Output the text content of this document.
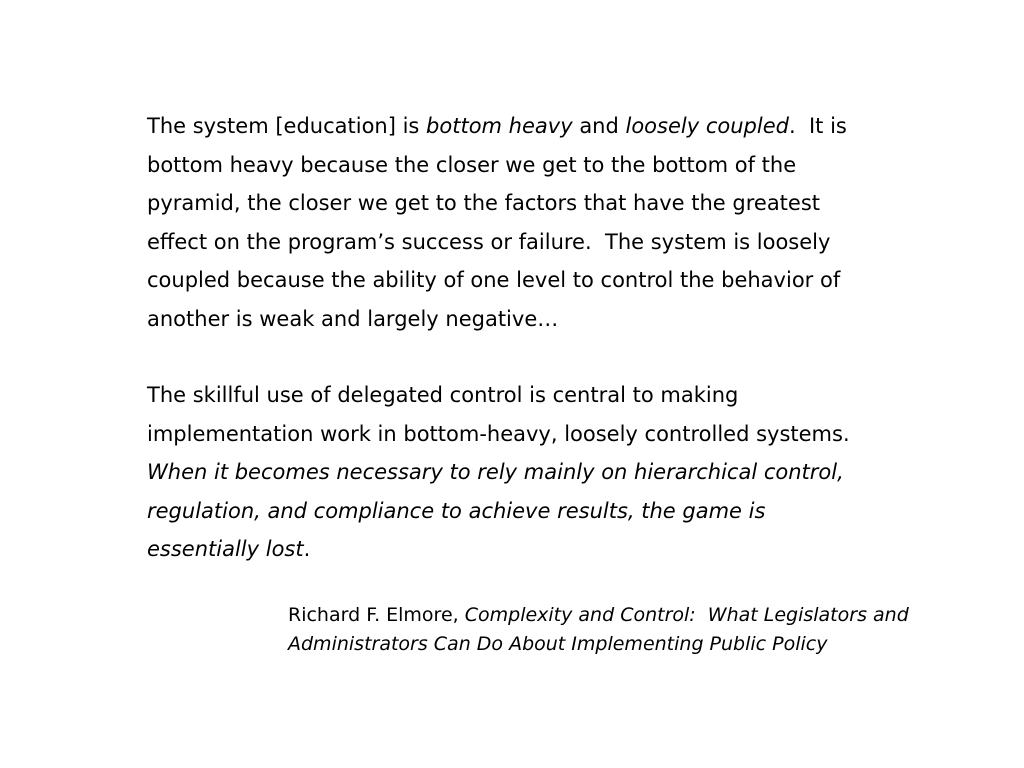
The system [education] is bottom heavy and loosely coupled.  It is
bottom heavy because the closer we get to the bottom of the
pyramid, the closer we get to the factors that have the greatest
effect on the program’s success or failure.  The system is loosely
coupled because the ability of one level to control the behavior of
another is weak and largely negative…

The skillful use of delegated control is central to making
implementation work in bottom-heavy, loosely controlled systems.
When it becomes necessary to rely mainly on hierarchical control,
regulation, and compliance to achieve results, the game is
essentially lost.

Richard F. Elmore, Complexity and Control:  What Legislators and
Administrators Can Do About Implementing Public Policy
